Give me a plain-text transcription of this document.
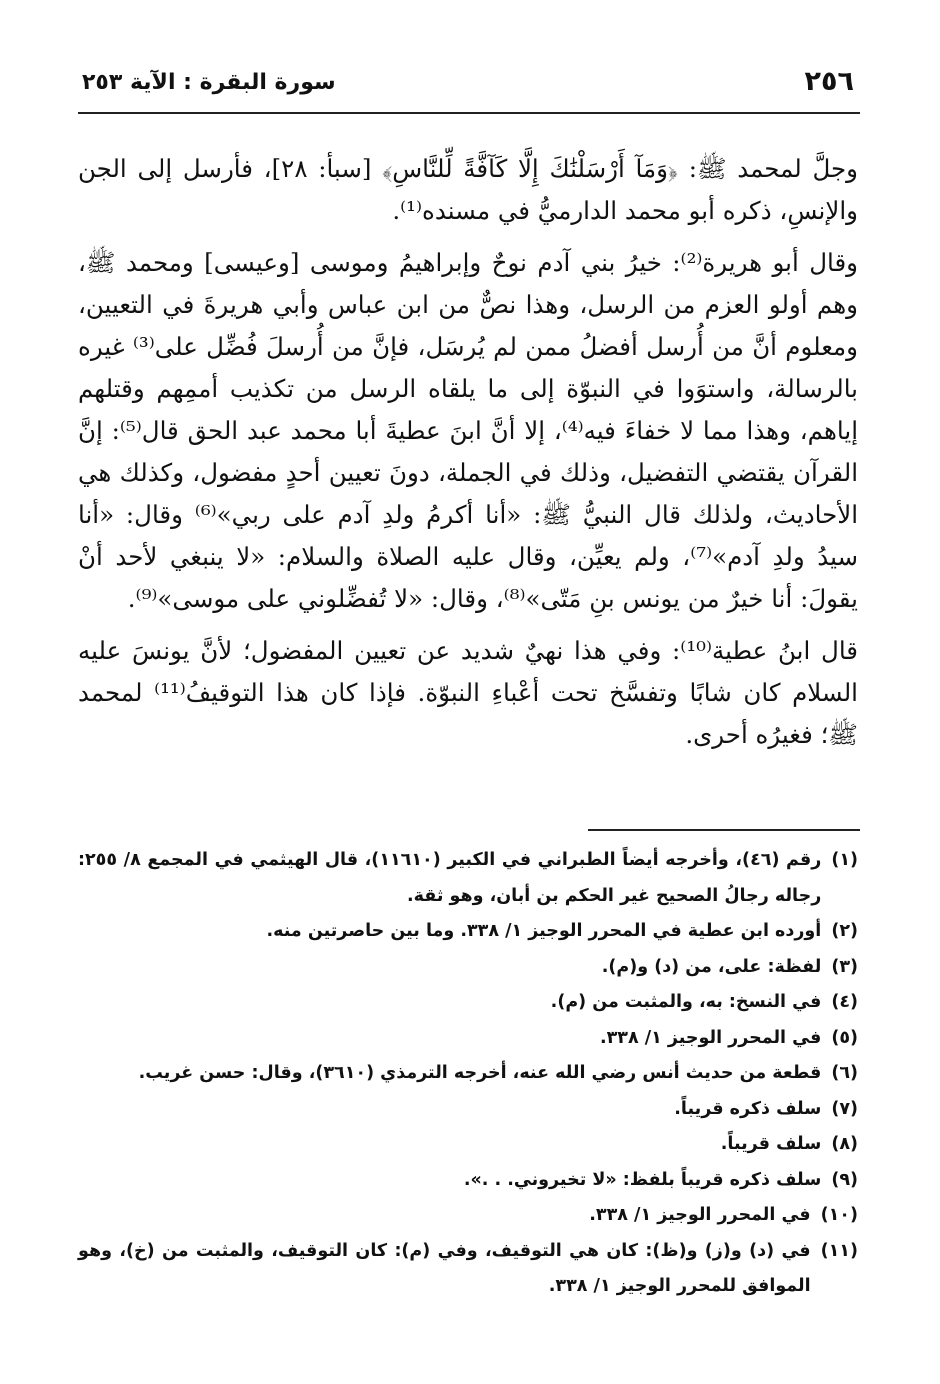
٢٥٦
سورة البقرة : الآية ٢٥٣

وجلَّ لمحمد ﷺ: ﴿وَمَآ أَرْسَلْنَٰكَ إِلَّا كَآفَّةً لِّلنَّاسِ﴾ [سبأ: ٢٨]، فأرسل إلى الجن والإنسِ، ذكره أبو محمد الدارميُّ في مسنده⁽¹⁾.

وقال أبو هريرة⁽²⁾: خيرُ بني آدم نوحٌ وإبراهيمُ وموسى [وعيسى] ومحمد ﷺ، وهم أولو العزم من الرسل، وهذا نصٌّ من ابن عباس وأبي هريرةَ في التعيين، ومعلوم أنَّ من أُرسل أفضلُ ممن لم يُرسَل، فإنَّ من أُرسلَ فُضِّل على⁽³⁾ غيره بالرسالة، واستوَوا في النبوّة إلى ما يلقاه الرسل من تكذيب أممِهم وقتلهم إياهم، وهذا مما لا خفاءَ فيه⁽⁴⁾، إلا أنَّ ابنَ عطيةَ أبا محمد عبد الحق قال⁽⁵⁾: إنَّ القرآن يقتضي التفضيل، وذلك في الجملة، دونَ تعيين أحدٍ مفضول، وكذلك هي الأحاديث، ولذلك قال النبيُّ ﷺ: «أنا أكرمُ ولدِ آدم على ربي»⁽⁶⁾ وقال: «أنا سيدُ ولدِ آدم»⁽⁷⁾، ولم يعيِّن، وقال عليه الصلاة والسلام: «لا ينبغي لأحد أنْ يقولَ: أنا خيرٌ من يونس بنِ مَتّى»⁽⁸⁾، وقال: «لا تُفضِّلوني على موسى»⁽⁹⁾.

قال ابنُ عطية⁽¹⁰⁾: وفي هذا نهيٌ شديد عن تعيين المفضول؛ لأنَّ يونسَ عليه السلام كان شابًا وتفسَّخ تحت أعْباءِ النبوّة. فإذا كان هذا التوقيفُ⁽¹¹⁾ لمحمد ﷺ؛ فغيرُه أحرى.

(١)
رقم (٤٦)، وأخرجه أيضاً الطبراني في الكبير (١١٦١٠)، قال الهيثمي في المجمع ٨/ ٢٥٥: رجاله رجالُ الصحيح غير الحكم بن أبان، وهو ثقة.
(٢)
أورده ابن عطية في المحرر الوجيز ١/ ٣٣٨. وما بين حاصرتين منه.
(٣)
لفظة: على، من (د) و(م).
(٤)
في النسخ: به، والمثبت من (م).
(٥)
في المحرر الوجيز ١/ ٣٣٨.
(٦)
قطعة من حديث أنس رضي الله عنه، أخرجه الترمذي (٣٦١٠)، وقال: حسن غريب.
(٧)
سلف ذكره قريباً.
(٨)
سلف قريباً.
(٩)
سلف ذكره قريباً بلفظ: «لا تخيروني. . .».
(١٠)
في المحرر الوجيز ١/ ٣٣٨.
(١١)
في (د) و(ز) و(ظ): كان هي التوقيف، وفي (م): كان التوقيف، والمثبت من (خ)، وهو الموافق للمحرر الوجيز ١/ ٣٣٨.
